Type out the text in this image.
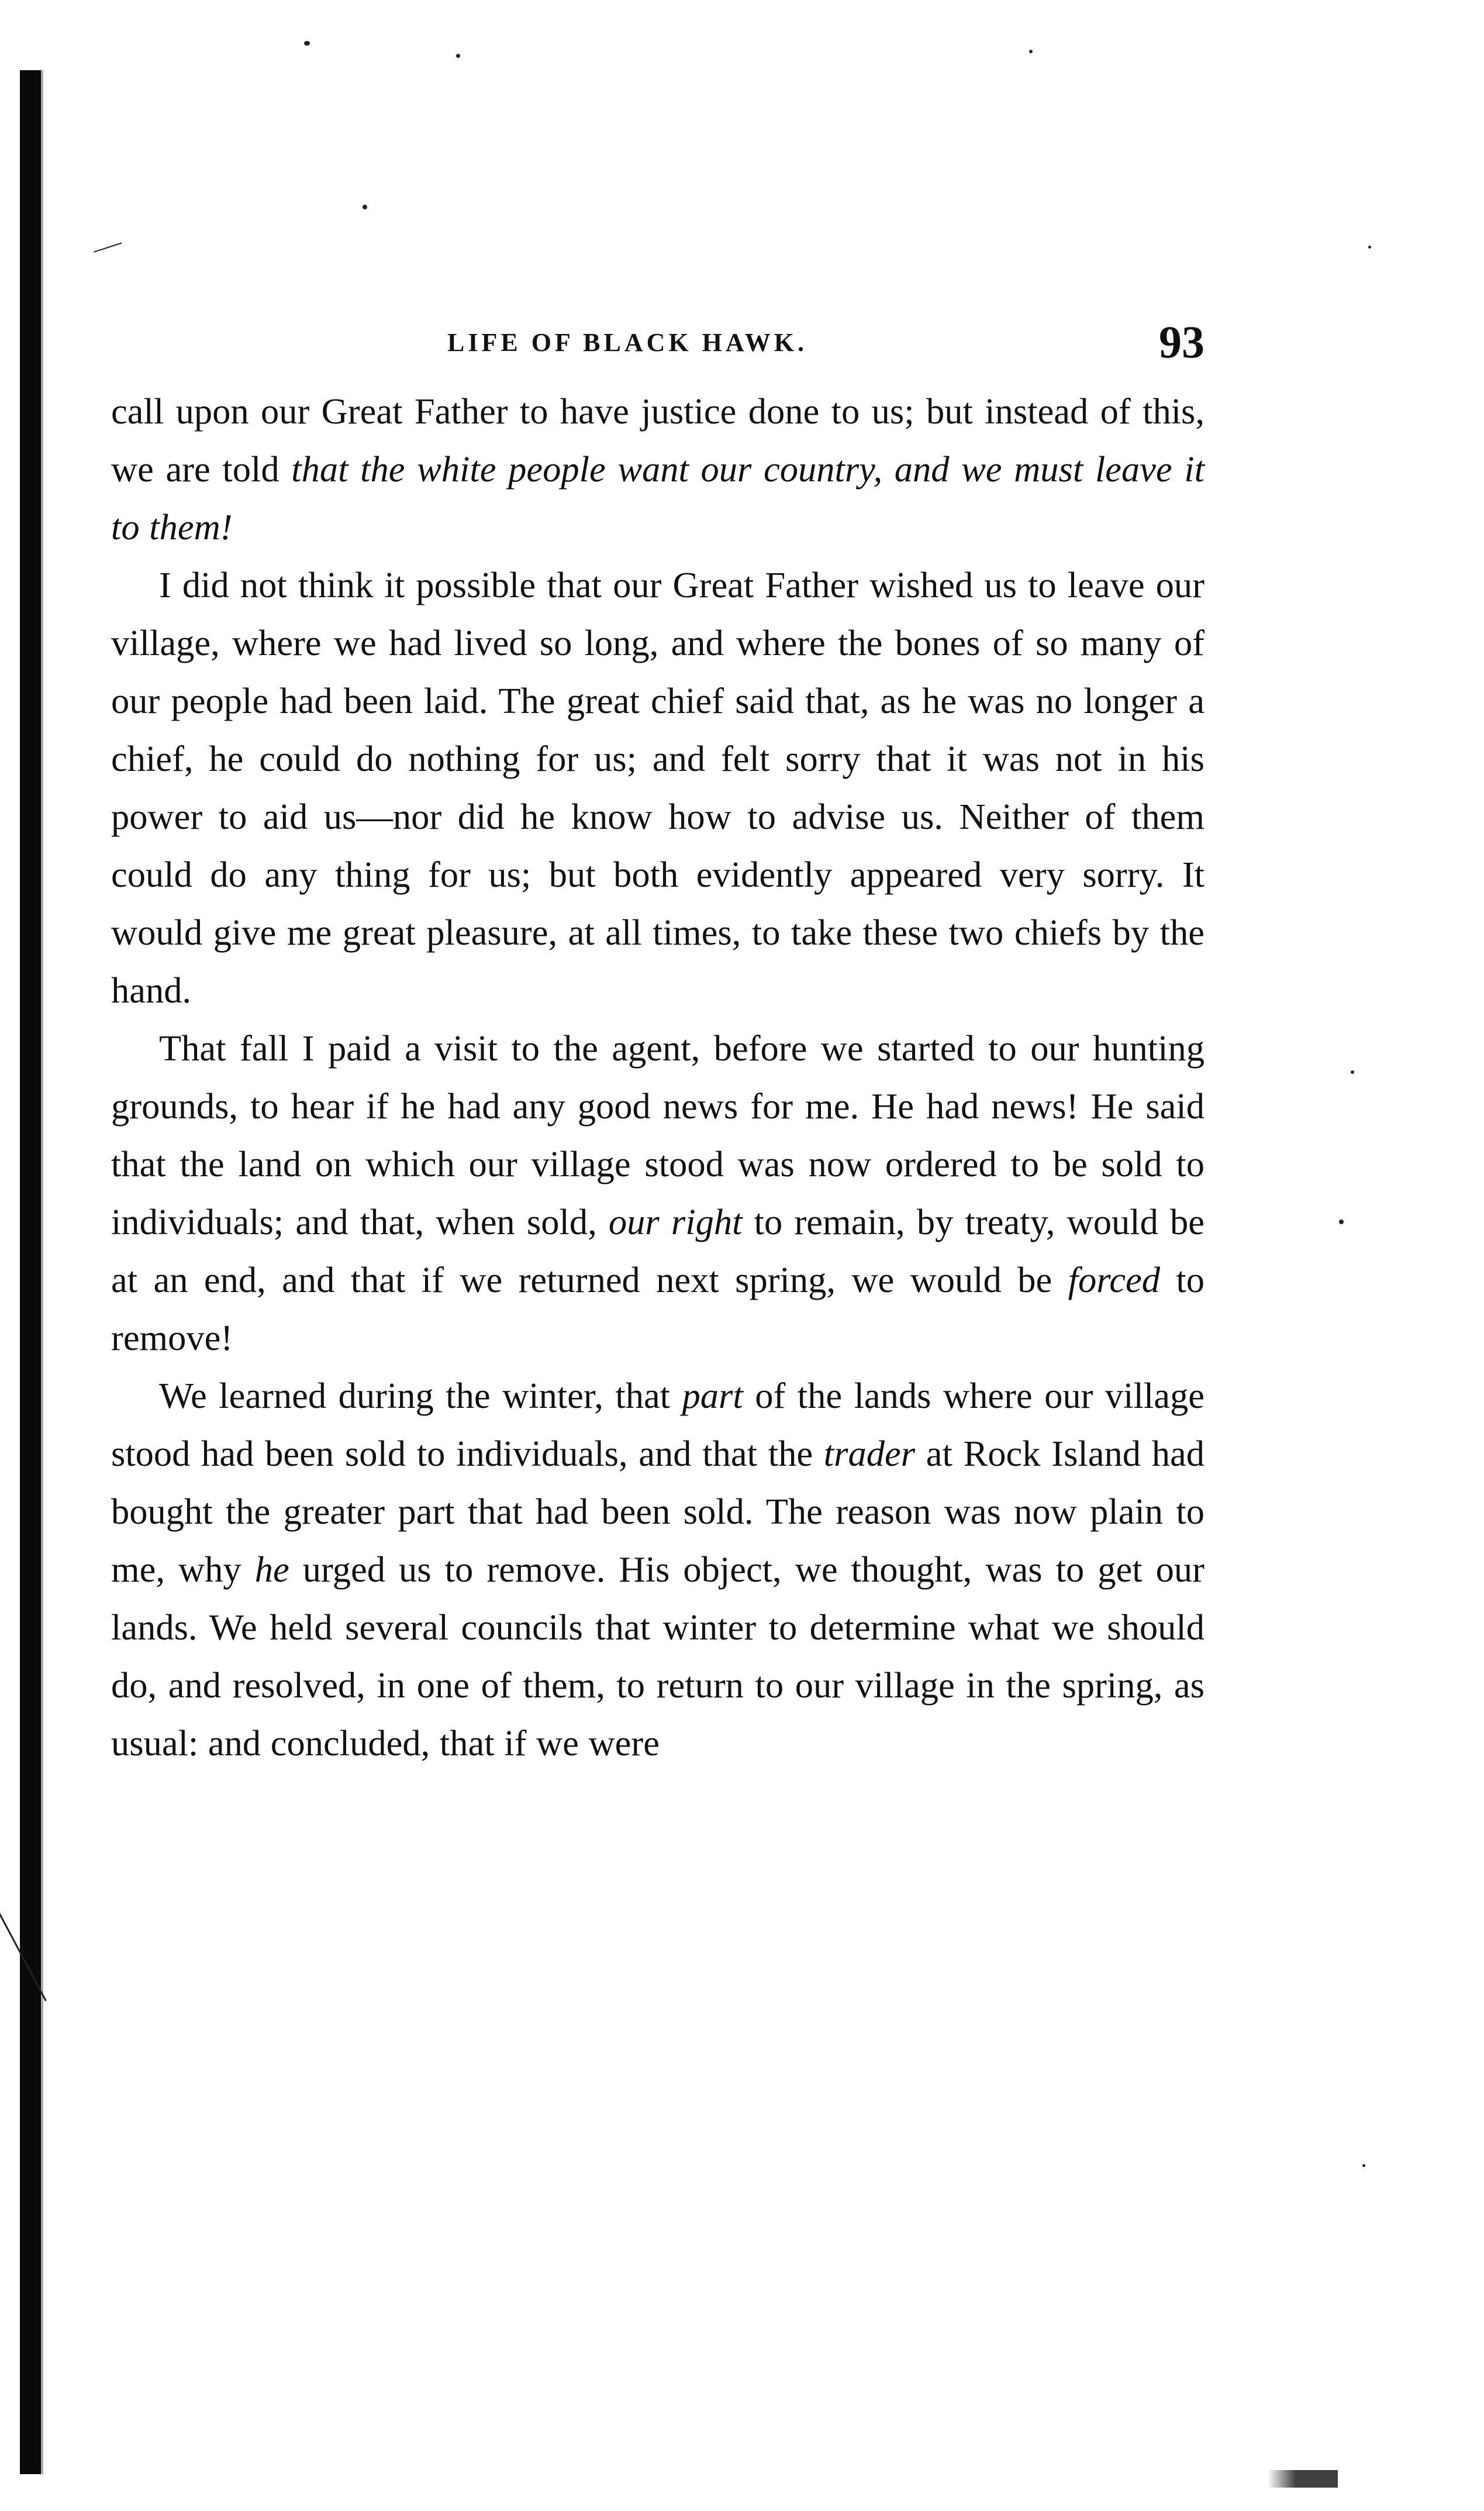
LIFE OF BLACK HAWK.	93

call upon our Great Father to have justice done to us; but instead of this, we are told that the white people want our country, and we must leave it to them!

I did not think it possible that our Great Father wished us to leave our village, where we had lived so long, and where the bones of so many of our people had been laid. The great chief said that, as he was no longer a chief, he could do nothing for us; and felt sorry that it was not in his power to aid us—nor did he know how to advise us. Neither of them could do any thing for us; but both evidently appeared very sorry. It would give me great pleasure, at all times, to take these two chiefs by the hand.

That fall I paid a visit to the agent, before we started to our hunting grounds, to hear if he had any good news for me. He had news! He said that the land on which our village stood was now ordered to be sold to individuals; and that, when sold, our right to remain, by treaty, would be at an end, and that if we returned next spring, we would be forced to remove!

We learned during the winter, that part of the lands where our village stood had been sold to individuals, and that the trader at Rock Island had bought the greater part that had been sold. The reason was now plain to me, why he urged us to remove. His object, we thought, was to get our lands. We held several councils that winter to determine what we should do, and resolved, in one of them, to return to our village in the spring, as usual: and concluded, that if we were
